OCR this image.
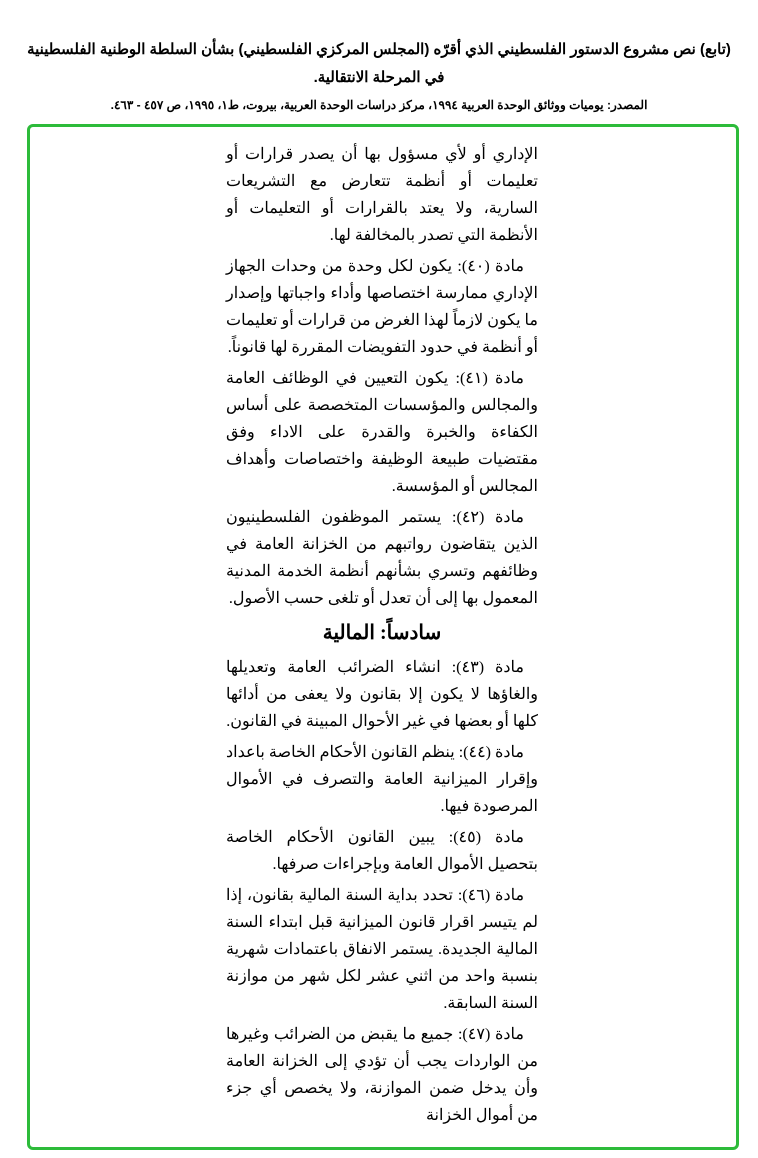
(تابع) نص مشروع الدستور الفلسطيني الذي أقرّه (المجلس المركزي الفلسطيني) بشأن السلطة الوطنية الفلسطينية
في المرحلة الانتقالية.
المصدر: يوميات ووثائق الوحدة العربية ١٩٩٤، مركز دراسات الوحدة العربية، بيروت، ط١، ١٩٩٥، ص ٤٥٧ - ٤٦٣.

الإداري أو لأي مسؤول بها أن يصدر قرارات أو تعليمات أو أنظمة تتعارض مع التشريعات السارية، ولا يعتد بالقرارات أو التعليمات أو الأنظمة التي تصدر بالمخالفة لها.

مادة (٤٠): يكون لكل وحدة من وحدات الجهاز الإداري ممارسة اختصاصها وأداء واجباتها وإصدار ما يكون لازماً لهذا الغرض من قرارات أو تعليمات أو أنظمة في حدود التفويضات المقررة لها قانوناً.

مادة (٤١): يكون التعيين في الوظائف العامة والمجالس والمؤسسات المتخصصة على أساس الكفاءة والخبرة والقدرة على الاداء وفق مقتضيات طبيعة الوظيفة واختصاصات وأهداف المجالس أو المؤسسة.

مادة (٤٢): يستمر الموظفون الفلسطينيون الذين يتقاضون رواتبهم من الخزانة العامة في وظائفهم وتسري بشأنهم أنظمة الخدمة المدنية المعمول بها إلى أن تعدل أو تلغى حسب الأصول.

سادساً: المالية

مادة (٤٣): انشاء الضرائب العامة وتعديلها والغاؤها لا يكون إلا بقانون ولا يعفى من أدائها كلها أو بعضها في غير الأحوال المبينة في القانون.

مادة (٤٤): ينظم القانون الأحكام الخاصة باعداد وإقرار الميزانية العامة والتصرف في الأموال المرصودة فيها.

مادة (٤٥): يبين القانون الأحكام الخاصة بتحصيل الأموال العامة وبإجراءات صرفها.

مادة (٤٦): تحدد بداية السنة المالية بقانون، إذا لم يتيسر اقرار قانون الميزانية قبل ابتداء السنة المالية الجديدة. يستمر الانفاق باعتمادات شهرية بنسبة واحد من اثني عشر لكل شهر من موازنة السنة السابقة.

مادة (٤٧): جميع ما يقبض من الضرائب وغيرها من الواردات يجب أن تؤدي إلى الخزانة العامة وأن يدخل ضمن الموازنة، ولا يخصص أي جزء من أموال الخزانة
